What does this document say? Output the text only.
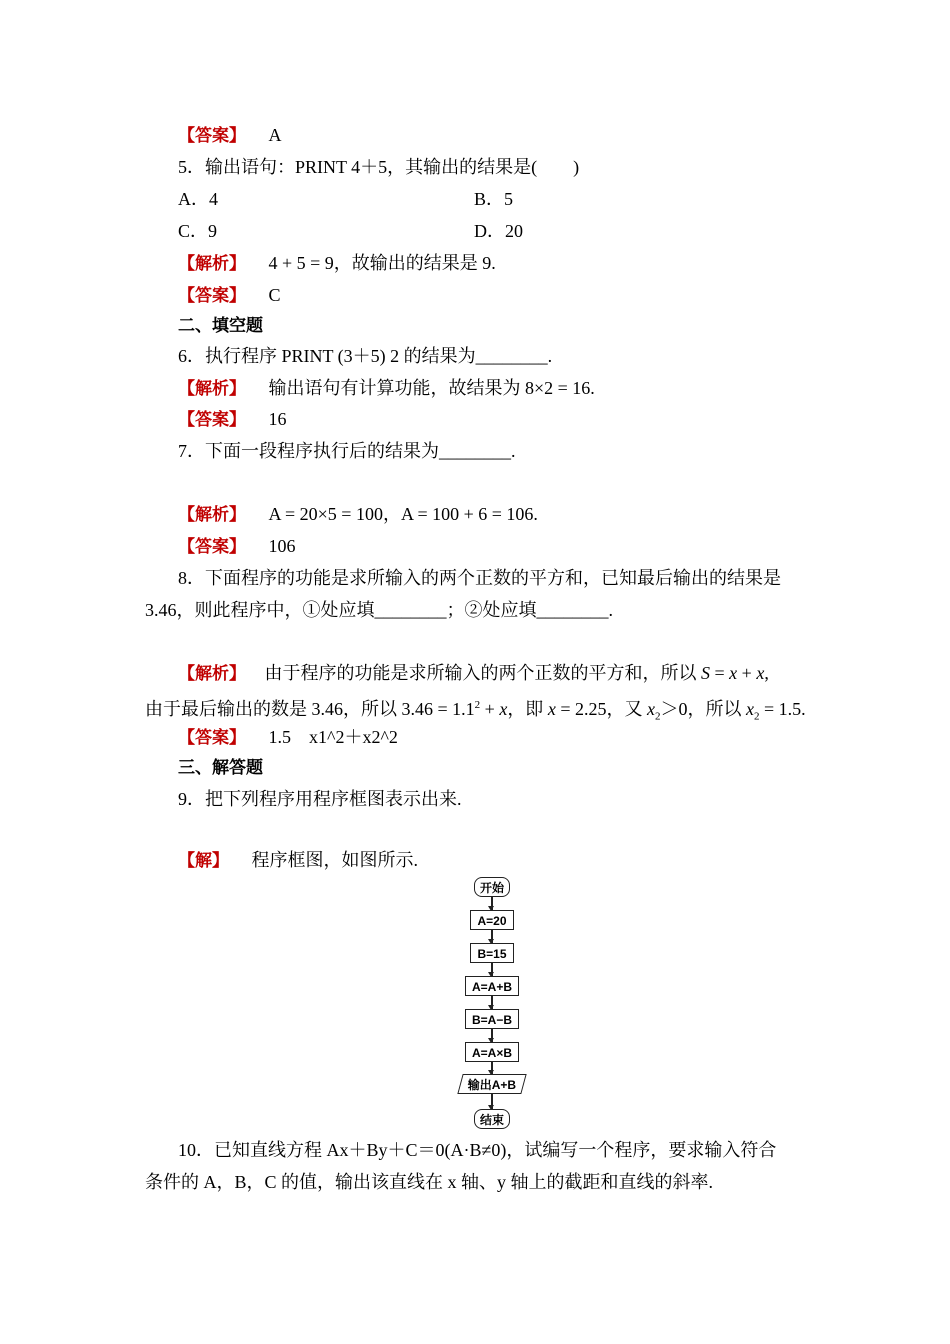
【答案】 A
5．输出语句：PRINT 4＋5，其输出的结果是(　　)
A．4	B．5
C．9	D．20
【解析】 4 + 5 = 9，故输出的结果是 9.
【答案】 C
二、填空题
6．执行程序 PRINT (3＋5) 2 的结果为________.
【解析】 输出语句有计算功能，故结果为 8×2 = 16.
【答案】 16
7．下面一段程序执行后的结果为________.
【解析】 A = 20×5 = 100，A = 100 + 6 = 106.
【答案】 106
8．下面程序的功能是求所输入的两个正数的平方和，已知最后输出的结果是
3.46，则此程序中，①处应填________；②处应填________.
【解析】 由于程序的功能是求所输入的两个正数的平方和，所以 S = x + x,
由于最后输出的数是 3.46，所以 $3.46 = 1.1^2 + x$，即 x = 2.25，又 $x_2>0$，所以 $x_2 = 1.5$.
【答案】 1.5　x1^2＋x2^2
三、解答题
9．把下列程序用程序框图表示出来.
【解】 程序框图，如图所示.
开始
A=20
B=15
A=A+B
B=A−B
A=A×B
输出A+B
结束
10．已知直线方程 Ax＋By＋C＝0(A·B≠0)，试编写一个程序，要求输入符合
条件的 A，B，C 的值，输出该直线在 x 轴、y 轴上的截距和直线的斜率.
